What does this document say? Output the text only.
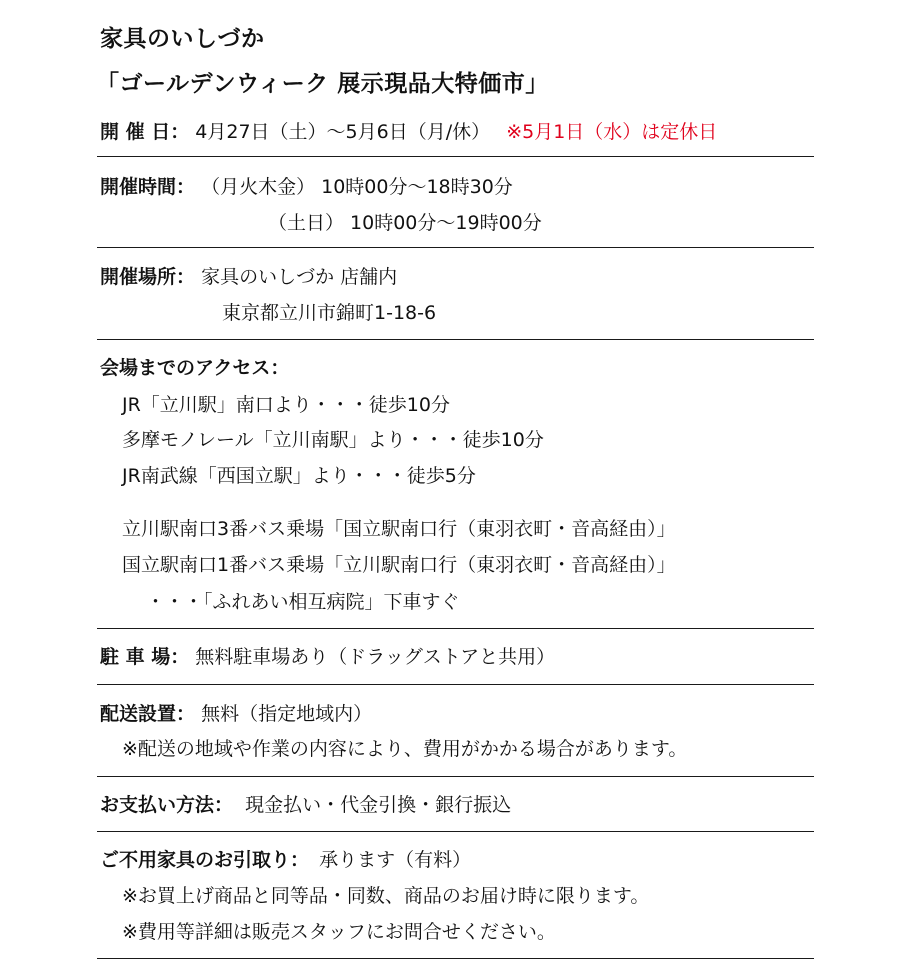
家具のいしづか
「ゴールデンウィーク 展示現品大特価市」
開 催 日： 4月27日（土）～5月6日（月/休） ※5月1日（水）は定休日
開催時間： （月火木金） 10時00分～18時30分
（土日） 10時00分～19時00分
開催場所： 家具のいしづか 店舗内
東京都立川市錦町1-18-6
会場までのアクセス：
JR「立川駅」南口より・・・徒歩10分
多摩モノレール「立川南駅」より・・・徒歩10分
JR南武線「西国立駅」より・・・徒歩5分
立川駅南口3番バス乗場「国立駅南口行（東羽衣町・音高経由）」
国立駅南口1番バス乗場「立川駅南口行（東羽衣町・音高経由）」
・・・「ふれあい相互病院」下車すぐ
駐 車 場： 無料駐車場あり（ドラッグストアと共用）
配送設置： 無料（指定地域内）
※配送の地域や作業の内容により、費用がかかる場合があります。
お支払い方法： 現金払い・代金引換・銀行振込
ご不用家具のお引取り： 承ります（有料）
※お買上げ商品と同等品・同数、商品のお届け時に限ります。
※費用等詳細は販売スタッフにお問合せください。
